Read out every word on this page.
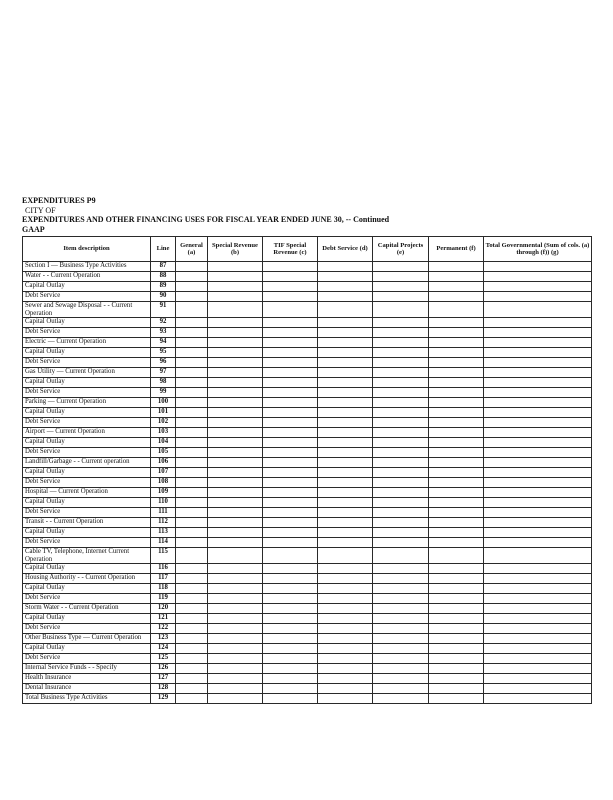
EXPENDITURES P9
CITY OF
EXPENDITURES AND OTHER FINANCING USES FOR FISCAL YEAR ENDED JUNE 30, -- Continued
GAAP
Item description	Line	General (a)	Special Revenue (b)	TIF Special Revenue (c)	Debt Service (d)	Capital Projects (e)	Permanent (f)	Total Governmental (Sum of cols. (a) through (f)) (g)
Section I — Business Type Activities	87							
Water - - Current Operation	88							
Capital Outlay	89							
Debt Service	90							
Sewer and Sewage Disposal - - Current Operation	91							
Capital Outlay	92							
Debt Service	93							
Electric — Current Operation	94							
Capital Outlay	95							
Debt Service	96							
Gas Utility — Current Operation	97							
Capital Outlay	98							
Debt Service	99							
Parking — Current Operation	100							
Capital Outlay	101							
Debt Service	102							
Airport — Current Operation	103							
Capital Outlay	104							
Debt Service	105							
Landfill/Garbage - - Current operation	106							
Capital Outlay	107							
Debt Service	108							
Hospital — Current Operation	109							
Capital Outlay	110							
Debt Service	111							
Transit - - Current Operation	112							
Capital Outlay	113							
Debt Service	114							
Cable TV, Telephone, Internet Current Operation	115							
Capital Outlay	116							
Housing Authority - - Current Operation	117							
Capital Outlay	118							
Debt Service	119							
Storm Water - - Current Operation	120							
Capital Outlay	121							
Debt Service	122							
Other Business Type — Current Operation	123							
Capital Outlay	124							
Debt Service	125							
Internal Service Funds - - Specify	126							
Health Insurance	127							
Dental Insurance	128							
Total Business Type Activities	129							
